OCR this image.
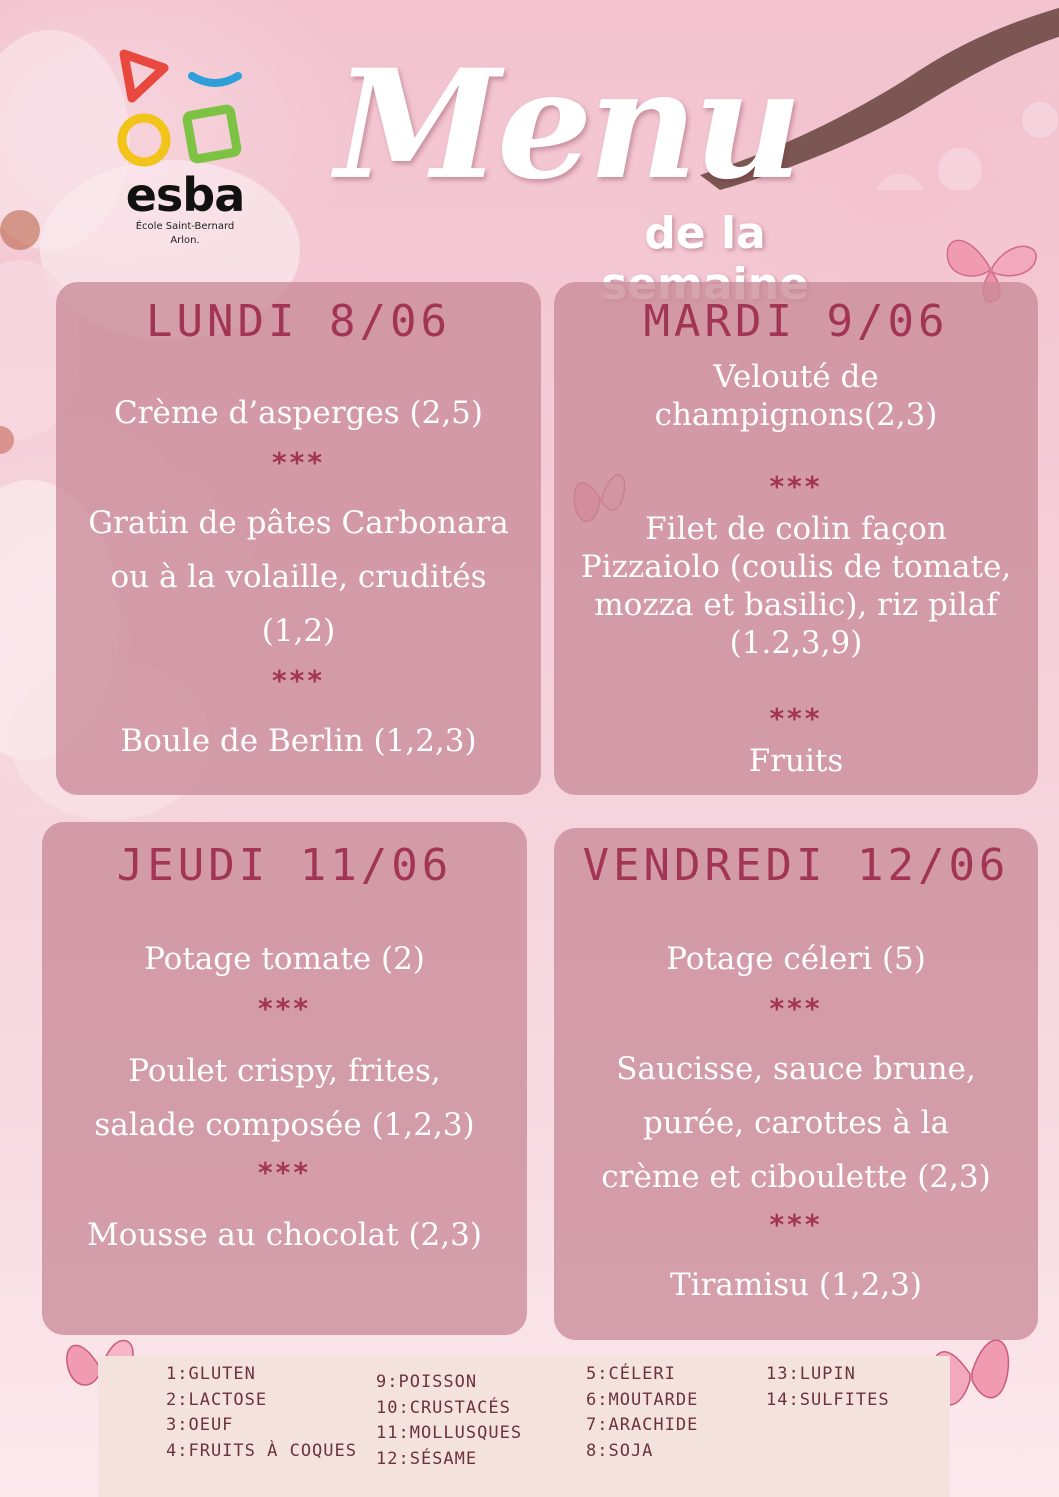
esba
École Saint-Bernard
Arlon.
Menu
de la
LUNDI 8/06
Crème d’asperges (2,5)
***
Gratin de pâtes Carbonara
ou à la volaille, crudités
(1,2)
***
Boule de Berlin (1,2,3)
MARDI 9/06
Velouté de
champignons(2,3)
***
Filet de colin façon
Pizzaiolo (coulis de tomate,
mozza et basilic), riz pilaf
(1.2,3,9)
***
Fruits
JEUDI 11/06
Potage tomate (2)
***
Poulet crispy, frites,
salade composée (1,2,3)
***
Mousse au chocolat (2,3)
VENDREDI 12/06
Potage céleri (5)
***
Saucisse, sauce brune,
purée, carottes à la
crème et ciboulette (2,3)
***
Tiramisu (1,2,3)
1:GLUTEN
2:LACTOSE
3:OEUF
4:FRUITS À COQUES
9:POISSON
10:CRUSTACÉS
11:MOLLUSQUES
12:SÉSAME
5:CÉLERI
6:MOUTARDE
7:ARACHIDE
8:SOJA
13:LUPIN
14:SULFITES
